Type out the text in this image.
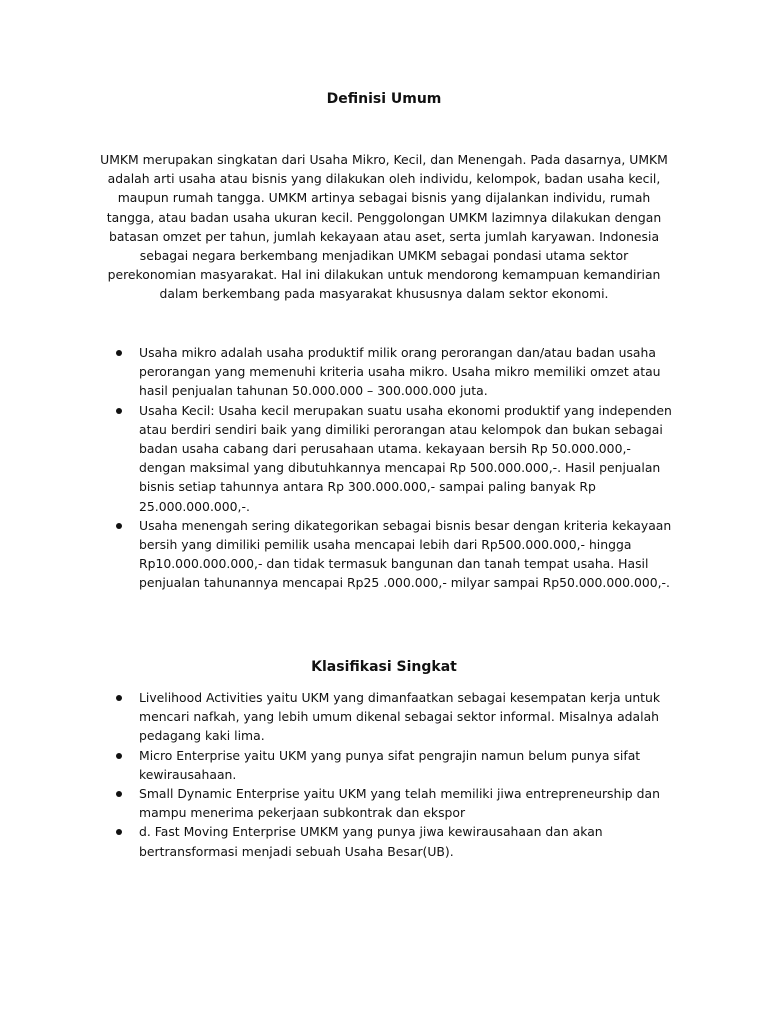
Definisi Umum

UMKM merupakan singkatan dari Usaha Mikro, Kecil, dan Menengah. Pada dasarnya, UMKM adalah arti usaha atau bisnis yang dilakukan oleh individu, kelompok, badan usaha kecil, maupun rumah tangga. UMKM artinya sebagai bisnis yang dijalankan individu, rumah tangga, atau badan usaha ukuran kecil. Penggolongan UMKM lazimnya dilakukan dengan batasan omzet per tahun, jumlah kekayaan atau aset, serta jumlah karyawan. Indonesia sebagai negara berkembang menjadikan UMKM sebagai pondasi utama sektor perekonomian masyarakat. Hal ini dilakukan untuk mendorong kemampuan kemandirian dalam berkembang pada masyarakat khususnya dalam sektor ekonomi.

Usaha mikro adalah usaha produktif milik orang perorangan dan/atau badan usaha perorangan yang memenuhi kriteria usaha mikro. Usaha mikro memiliki omzet atau hasil penjualan tahunan 50.000.000 – 300.000.000 juta.
Usaha Kecil: Usaha kecil merupakan suatu usaha ekonomi produktif yang independen atau berdiri sendiri baik yang dimiliki perorangan atau kelompok dan bukan sebagai badan usaha cabang dari perusahaan utama. kekayaan bersih Rp 50.000.000,- dengan maksimal yang dibutuhkannya mencapai Rp 500.000.000,-. Hasil penjualan bisnis setiap tahunnya antara Rp 300.000.000,- sampai paling banyak Rp 25.000.000.000,-.
Usaha menengah sering dikategorikan sebagai bisnis besar dengan kriteria kekayaan bersih yang dimiliki pemilik usaha mencapai lebih dari Rp500.000.000,- hingga Rp10.000.000.000,- dan tidak termasuk bangunan dan tanah tempat usaha. Hasil penjualan tahunannya mencapai Rp25 .000.000,- milyar sampai Rp50.000.000.000,-.
Klasifikasi Singkat
Livelihood Activities yaitu UKM yang dimanfaatkan sebagai kesempatan kerja untuk mencari nafkah, yang lebih umum dikenal sebagai sektor informal. Misalnya adalah pedagang kaki lima.
Micro Enterprise yaitu UKM yang punya sifat pengrajin namun belum punya sifat kewirausahaan.
Small Dynamic Enterprise yaitu UKM yang telah memiliki jiwa entrepreneurship dan mampu menerima pekerjaan subkontrak dan ekspor
d. Fast Moving Enterprise UMKM yang punya jiwa kewirausahaan dan akan bertransformasi menjadi sebuah Usaha Besar(UB).
